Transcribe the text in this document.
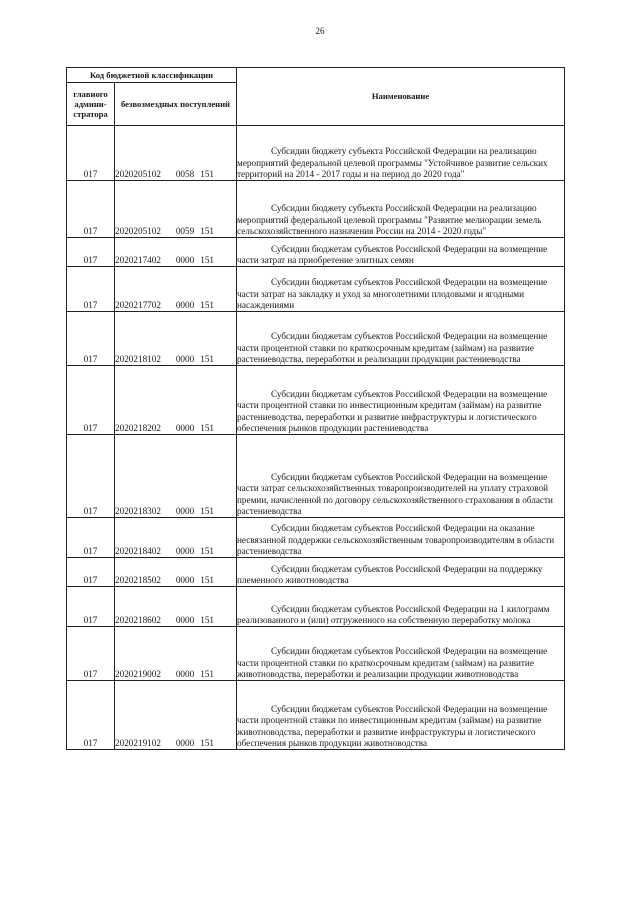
26
Код бюджетной классификации		Наименование
главного админи-стратора	безвозмездных поступлений	
017	2020205102 0058 151	Субсидии бюджету субъекта Российской Федерации на реализацию мероприятий федеральной целевой программы "Устойчивое развитие сельских территорий на 2014 - 2017 годы и на период до 2020 года"

017	2020205102 0059 151	Субсидии бюджету субъекта Российской Федерации на реализацию мероприятий федеральной целевой программы "Развитие мелиорации земель сельскохозяйственного назначения России на 2014 - 2020 годы"

017	2020217402 0000 151	Субсидии бюджетам субъектов Российской Федерации на возмещение части затрат на приобретение элитных семян

017	2020217702 0000 151	Субсидии бюджетам субъектов Российской Федерации на возмещение части затрат на закладку и уход за многолетними плодовыми и ягодными насаждениями

017	2020218102 0000 151	Субсидии бюджетам субъектов Российской Федерации на возмещение части процентной ставки по краткосрочным кредитам (займам) на развитие растениеводства, переработки и реализации продукции растениеводства

017	2020218202 0000 151	Субсидии бюджетам субъектов Российской Федерации на возмещение части процентной ставки по инвестиционным кредитам (займам) на развитие растениеводства, переработки и развитие инфраструктуры и логистического обеспечения рынков продукции растениеводства

017	2020218302 0000 151	Субсидии бюджетам субъектов Российской Федерации на возмещение части затрат сельскохозяйственных товаропроизводителей на уплату страховой премии, начисленной по договору сельскохозяйственного страхования в области растениеводства

017	2020218402 0000 151	Субсидии бюджетам субъектов Российской Федерации на оказание несвязанной поддержки сельскохозяйственным товаропроизводителям в области растениеводства

017	2020218502 0000 151	Субсидии бюджетам субъектов Российской Федерации на поддержку племенного животноводства

017	2020218602 0000 151	Субсидии бюджетам субъектов Российской Федерации на 1 килограмм реализованного и (или) отгруженного на собственную переработку молока

017	2020219002 0000 151	Субсидии бюджетам субъектов Российской Федерации на возмещение части процентной ставки по краткосрочным кредитам (займам) на развитие животноводства, переработки и реализации продукции животноводства

017	2020219102 0000 151	Субсидии бюджетам субъектов Российской Федерации на возмещение части процентной ставки по инвестиционным кредитам (займам) на развитие животноводства, переработки и развитие инфраструктуры и логистического обеспечения рынков продукции животноводства
